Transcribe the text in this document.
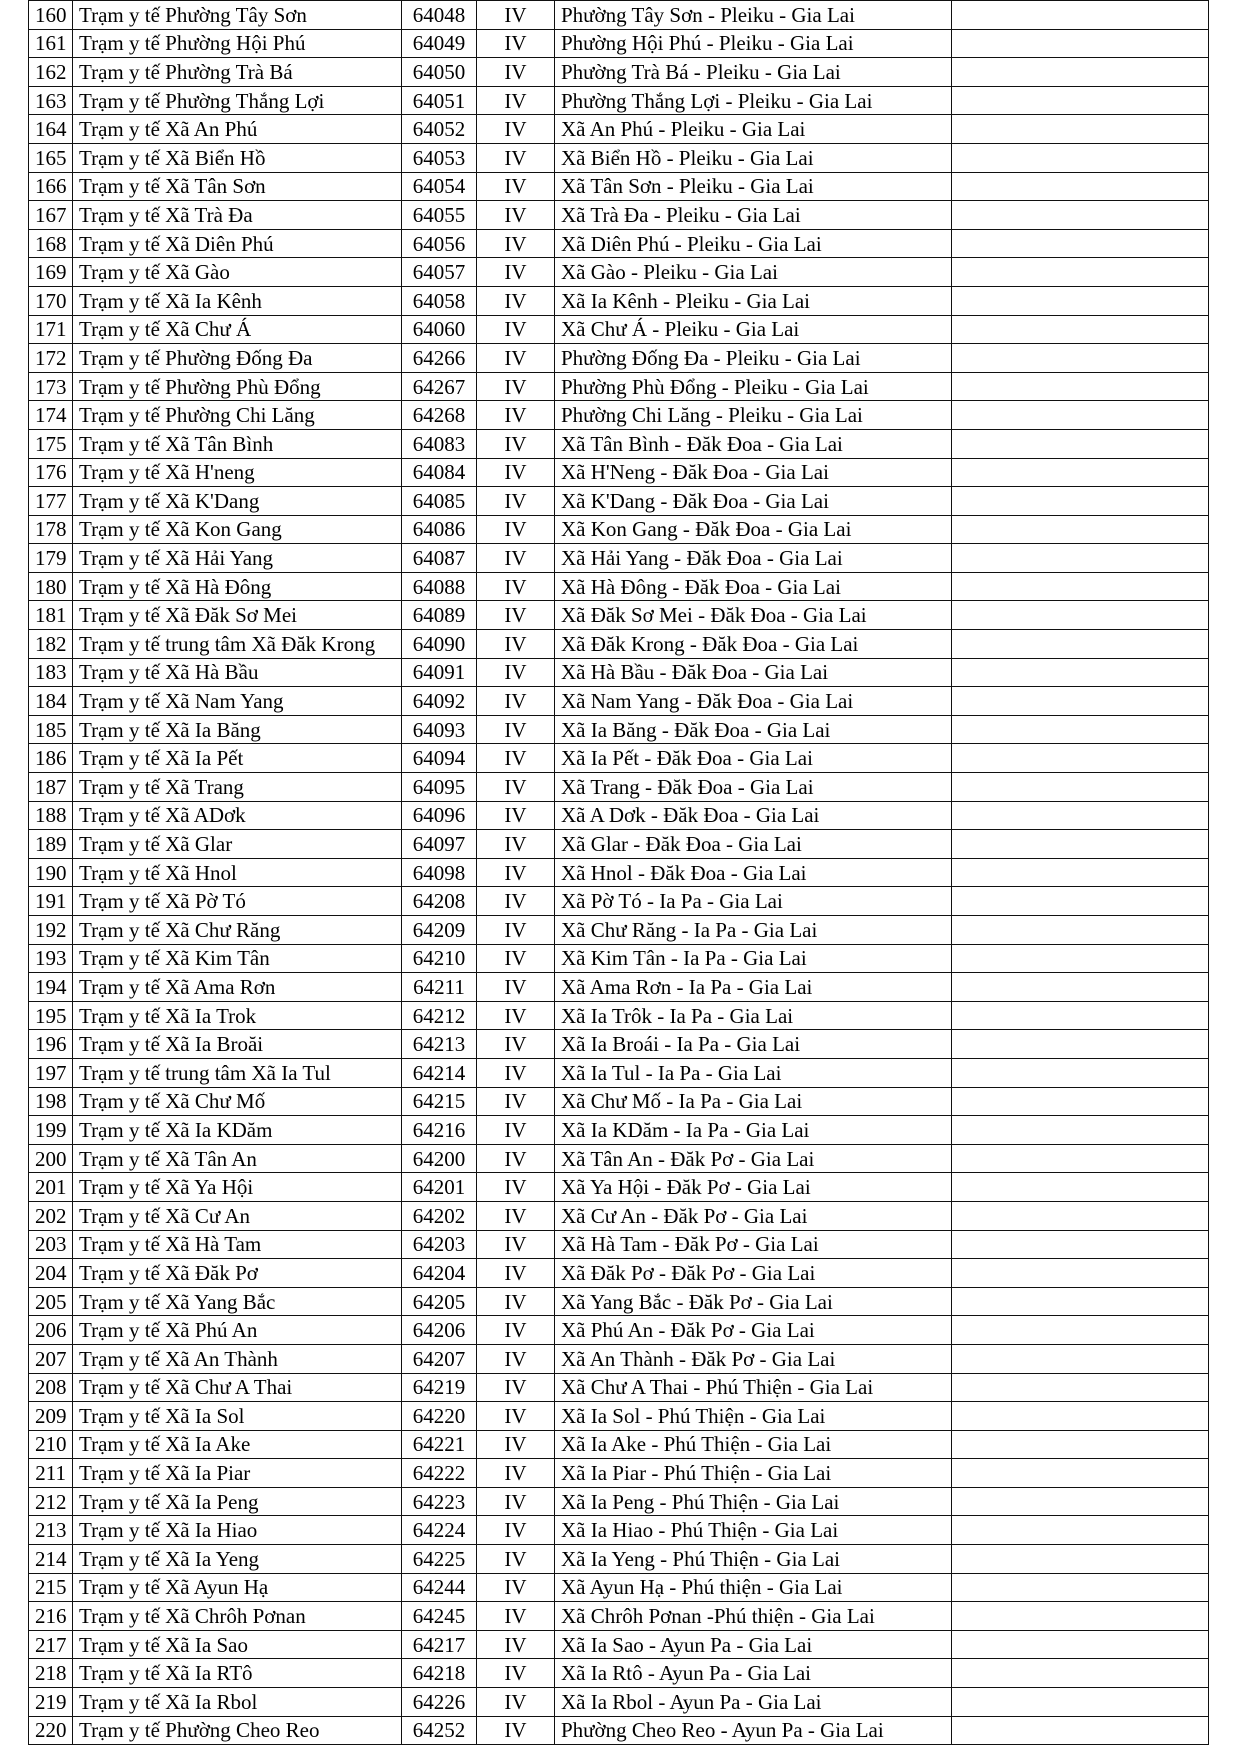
160	Trạm y tế Phường Tây Sơn	64048	IV	Phường Tây Sơn - Pleiku - Gia Lai	
161	Trạm y tế Phường Hội Phú	64049	IV	Phường Hội Phú - Pleiku - Gia Lai	
162	Trạm y tế Phường Trà Bá	64050	IV	Phường Trà Bá - Pleiku - Gia Lai	
163	Trạm y tế Phường Thắng Lợi	64051	IV	Phường Thắng Lợi - Pleiku - Gia Lai	
164	Trạm y tế Xã An Phú	64052	IV	Xã An Phú - Pleiku - Gia Lai	
165	Trạm y tế Xã Biển Hồ	64053	IV	Xã Biển Hồ - Pleiku - Gia Lai	
166	Trạm y tế Xã Tân Sơn	64054	IV	Xã Tân Sơn - Pleiku - Gia Lai	
167	Trạm y tế Xã Trà Đa	64055	IV	Xã Trà Đa - Pleiku - Gia Lai	
168	Trạm y tế Xã Diên Phú	64056	IV	Xã Diên Phú - Pleiku - Gia Lai	
169	Trạm y tế Xã Gào	64057	IV	Xã Gào - Pleiku - Gia Lai	
170	Trạm y tế Xã Ia Kênh	64058	IV	Xã Ia Kênh - Pleiku - Gia Lai	
171	Trạm y tế Xã Chư Á	64060	IV	Xã Chư Á - Pleiku - Gia Lai	
172	Trạm y tế Phường Đống Đa	64266	IV	Phường Đống Đa - Pleiku - Gia Lai	
173	Trạm y tế Phường Phù Đổng	64267	IV	Phường Phù Đổng - Pleiku - Gia Lai	
174	Trạm y tế Phường Chi Lăng	64268	IV	Phường Chi Lăng - Pleiku - Gia Lai	
175	Trạm y tế Xã Tân Bình	64083	IV	Xã Tân Bình - Đăk Đoa - Gia Lai	
176	Trạm y tế Xã H'neng	64084	IV	Xã H'Neng - Đăk Đoa - Gia Lai	
177	Trạm y tế Xã K'Dang	64085	IV	Xã K'Dang - Đăk Đoa - Gia Lai	
178	Trạm y tế Xã Kon Gang	64086	IV	Xã Kon Gang - Đăk Đoa - Gia Lai	
179	Trạm y tế Xã Hải Yang	64087	IV	Xã Hải Yang - Đăk Đoa - Gia Lai	
180	Trạm y tế Xã Hà Đông	64088	IV	Xã Hà Đông - Đăk Đoa - Gia Lai	
181	Trạm y tế Xã Đăk Sơ Mei	64089	IV	Xã Đăk Sơ Mei - Đăk Đoa - Gia Lai	
182	Trạm y tế trung tâm Xã Đăk Krong	64090	IV	Xã Đăk Krong - Đăk Đoa - Gia Lai	
183	Trạm y tế Xã Hà Bầu	64091	IV	Xã Hà Bầu - Đăk Đoa - Gia Lai	
184	Trạm y tế Xã Nam Yang	64092	IV	Xã Nam Yang - Đăk Đoa - Gia Lai	
185	Trạm y tế Xã Ia Băng	64093	IV	Xã Ia Băng - Đăk Đoa - Gia Lai	
186	Trạm y tế Xã Ia Pết	64094	IV	Xã Ia Pết - Đăk Đoa - Gia Lai	
187	Trạm y tế Xã Trang	64095	IV	Xã Trang - Đăk Đoa - Gia Lai	
188	Trạm y tế Xã ADơk	64096	IV	Xã A Dơk - Đăk Đoa - Gia Lai	
189	Trạm y tế Xã Glar	64097	IV	Xã Glar - Đăk Đoa - Gia Lai	
190	Trạm y tế Xã Hnol	64098	IV	Xã Hnol - Đăk Đoa - Gia Lai	
191	Trạm y tế Xã Pờ Tó	64208	IV	Xã Pờ Tó - Ia Pa - Gia Lai	
192	Trạm y tế Xã Chư Răng	64209	IV	Xã Chư Răng - Ia Pa - Gia Lai	
193	Trạm y tế Xã Kim Tân	64210	IV	Xã Kim Tân - Ia Pa - Gia Lai	
194	Trạm y tế Xã Ama Rơn	64211	IV	Xã Ama Rơn - Ia Pa - Gia Lai	
195	Trạm y tế Xã Ia Trok	64212	IV	Xã Ia Trôk - Ia Pa - Gia Lai	
196	Trạm y tế Xã Ia Broăi	64213	IV	Xã Ia Broái - Ia Pa - Gia Lai	
197	Trạm y tế trung tâm Xã Ia Tul	64214	IV	Xã Ia Tul - Ia Pa - Gia Lai	
198	Trạm y tế Xã Chư Mố	64215	IV	Xã Chư Mố - Ia Pa - Gia Lai	
199	Trạm y tế Xã Ia KDăm	64216	IV	Xã Ia KDăm - Ia Pa - Gia Lai	
200	Trạm y tế Xã Tân An	64200	IV	Xã Tân An - Đăk Pơ - Gia Lai	
201	Trạm y tế Xã Ya Hội	64201	IV	Xã Ya Hội - Đăk Pơ - Gia Lai	
202	Trạm y tế Xã Cư An	64202	IV	Xã Cư An - Đăk Pơ - Gia Lai	
203	Trạm y tế Xã Hà Tam	64203	IV	Xã Hà Tam - Đăk Pơ - Gia Lai	
204	Trạm y tế Xã Đăk Pơ	64204	IV	Xã Đăk Pơ - Đăk Pơ - Gia Lai	
205	Trạm y tế Xã Yang Bắc	64205	IV	Xã Yang Bắc - Đăk Pơ - Gia Lai	
206	Trạm y tế Xã Phú An	64206	IV	Xã Phú An - Đăk Pơ - Gia Lai	
207	Trạm y tế Xã An Thành	64207	IV	Xã An Thành - Đăk Pơ - Gia Lai	
208	Trạm y tế Xã Chư A Thai	64219	IV	Xã Chư A Thai - Phú Thiện - Gia Lai	
209	Trạm y tế Xã Ia Sol	64220	IV	Xã Ia Sol - Phú Thiện - Gia Lai	
210	Trạm y tế Xã Ia Ake	64221	IV	Xã Ia Ake - Phú Thiện - Gia Lai	
211	Trạm y tế Xã Ia Piar	64222	IV	Xã Ia Piar - Phú Thiện - Gia Lai	
212	Trạm y tế Xã Ia Peng	64223	IV	Xã Ia Peng - Phú Thiện - Gia Lai	
213	Trạm y tế Xã Ia Hiao	64224	IV	Xã Ia Hiao - Phú Thiện - Gia Lai	
214	Trạm y tế Xã Ia Yeng	64225	IV	Xã Ia Yeng - Phú Thiện - Gia Lai	
215	Trạm y tế Xã Ayun Hạ	64244	IV	Xã Ayun Hạ - Phú thiện - Gia Lai	
216	Trạm y tế Xã Chrôh Pơnan	64245	IV	Xã Chrôh Pơnan -Phú thiện - Gia Lai	
217	Trạm y tế Xã Ia Sao	64217	IV	Xã Ia Sao - Ayun Pa - Gia Lai	
218	Trạm y tế Xã Ia RTô	64218	IV	Xã Ia Rtô - Ayun Pa - Gia Lai	
219	Trạm y tế Xã Ia Rbol	64226	IV	Xã Ia Rbol - Ayun Pa - Gia Lai	
220	Trạm y tế Phường Cheo Reo	64252	IV	Phường Cheo Reo - Ayun Pa - Gia Lai	
